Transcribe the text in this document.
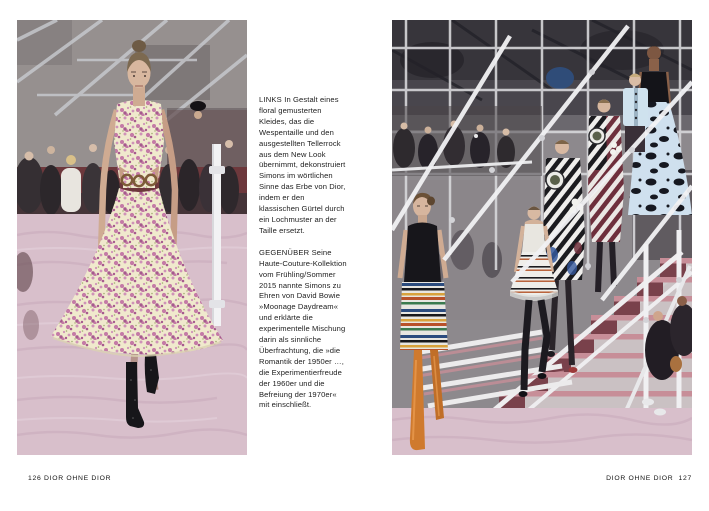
LINKS In Gestalt eines floral gemusterten Kleides, das die Wespentaille und den ausgestellten Tellerrock aus dem New Look übernimmt, dekonstruiert Simons im wörtlichen Sinne das Erbe von Dior, indem er den klassischen Gürtel durch ein Lochmuster an der Taille ersetzt.

GEGENÜBER Seine Haute-Couture-Kollektion vom Frühling/Sommer 2015 nannte Simons zu Ehren von David Bowie »Moonage Daydream« und erklärte die experimentelle Mischung darin als sinnliche Überfrachtung, die »die Romantik der 1950er …, die Experimentierfreude der 1960er und die Befreiung der 1970er« mit einschließt.

126 DIOR OHNE DIOR	DIOR OHNE DIOR  127
